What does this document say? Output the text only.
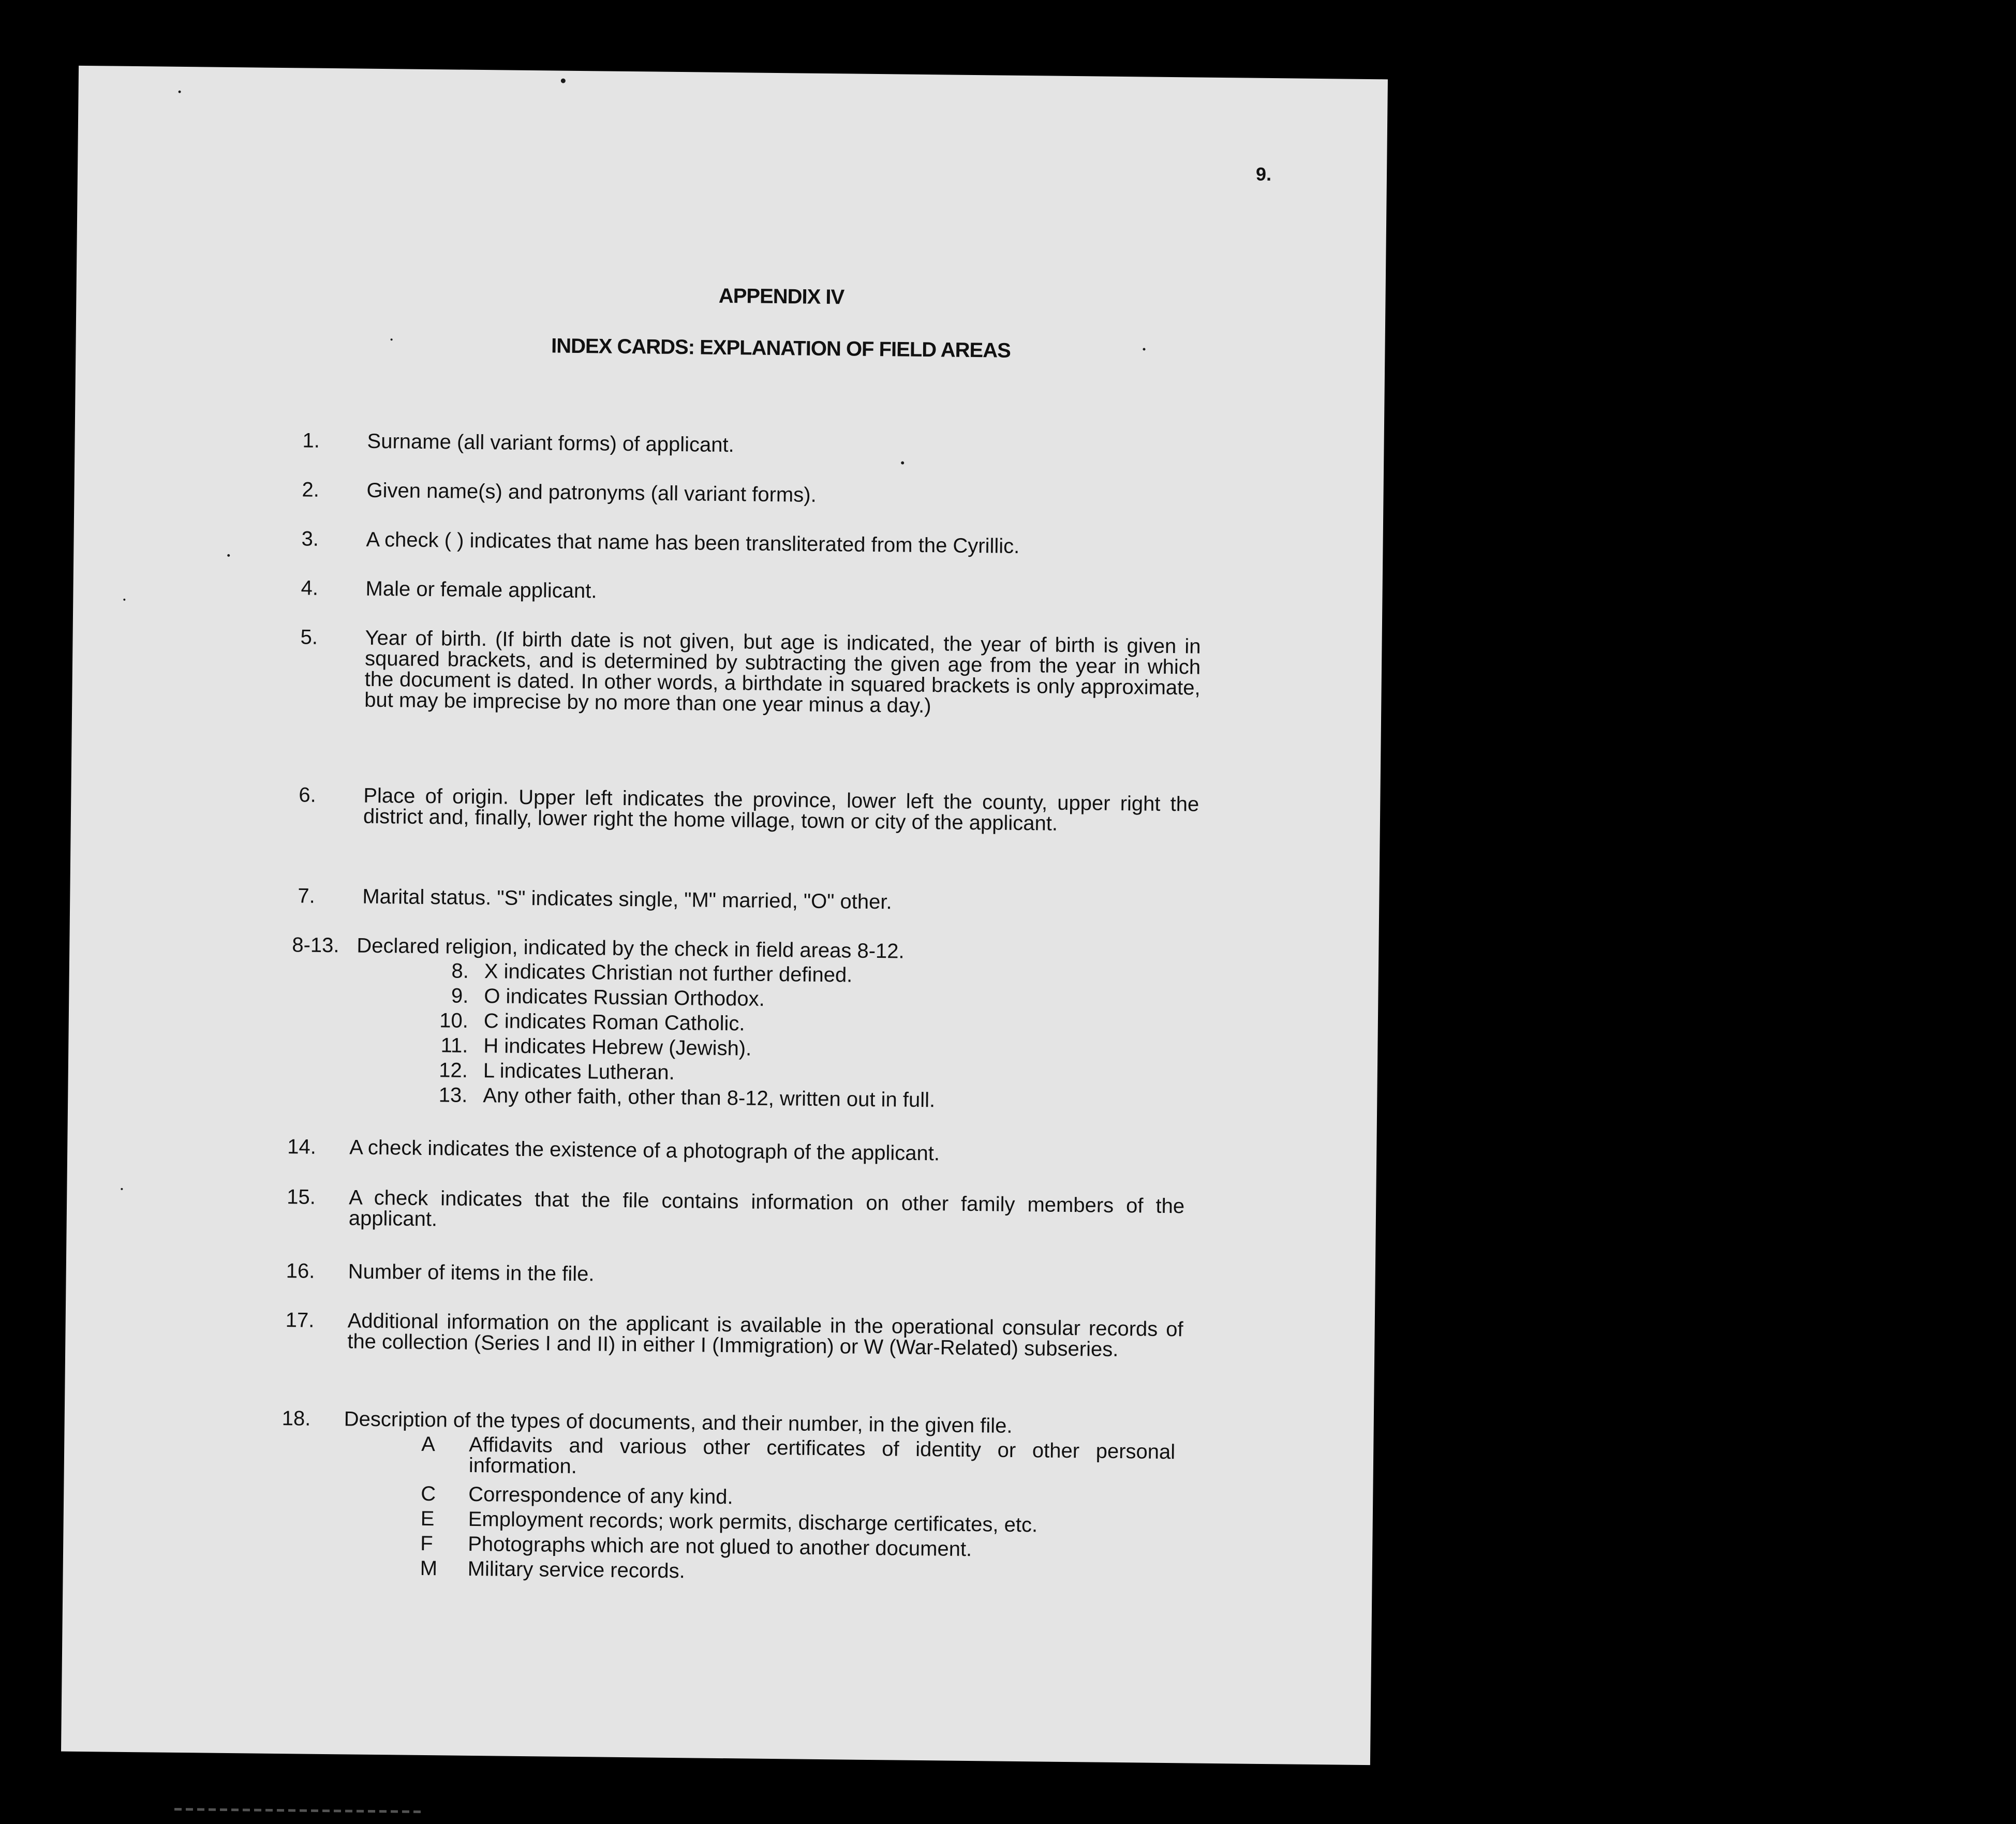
9.
APPENDIX IV
INDEX CARDS: EXPLANATION OF FIELD AREAS
1. Surname (all variant forms) of applicant.
2. Given name(s) and patronyms (all variant forms).
3. A check ( ) indicates that name has been transliterated from the Cyrillic.
4. Male or female applicant.
5. Year of birth. (If birth date is not given, but age is indicated, the year of birth is given in squared brackets, and is determined by subtracting the given age from the year in which the document is dated. In other words, a birthdate in squared brackets is only approximate, but may be imprecise by no more than one year minus a day.)
6. Place of origin. Upper left indicates the province, lower left the county, upper right the district and, finally, lower right the home village, town or city of the applicant.
7. Marital status. "S" indicates single, "M" married, "O" other.
8-13. Declared religion, indicated by the check in field areas 8-12.
8. X indicates Christian not further defined.
9. O indicates Russian Orthodox.
10. C indicates Roman Catholic.
11. H indicates Hebrew (Jewish).
12. L indicates Lutheran.
13. Any other faith, other than 8-12, written out in full.
14. A check indicates the existence of a photograph of the applicant.
15. A check indicates that the file contains information on other family members of the applicant.
16. Number of items in the file.
17. Additional information on the applicant is available in the operational consular records of the collection (Series I and II) in either I (Immigration) or W (War-Related) subseries.
18. Description of the types of documents, and their number, in the given file.
A Affidavits and various other certificates of identity or other personal information.
C Correspondence of any kind.
E Employment records; work permits, discharge certificates, etc.
F Photographs which are not glued to another document.
M Military service records.
